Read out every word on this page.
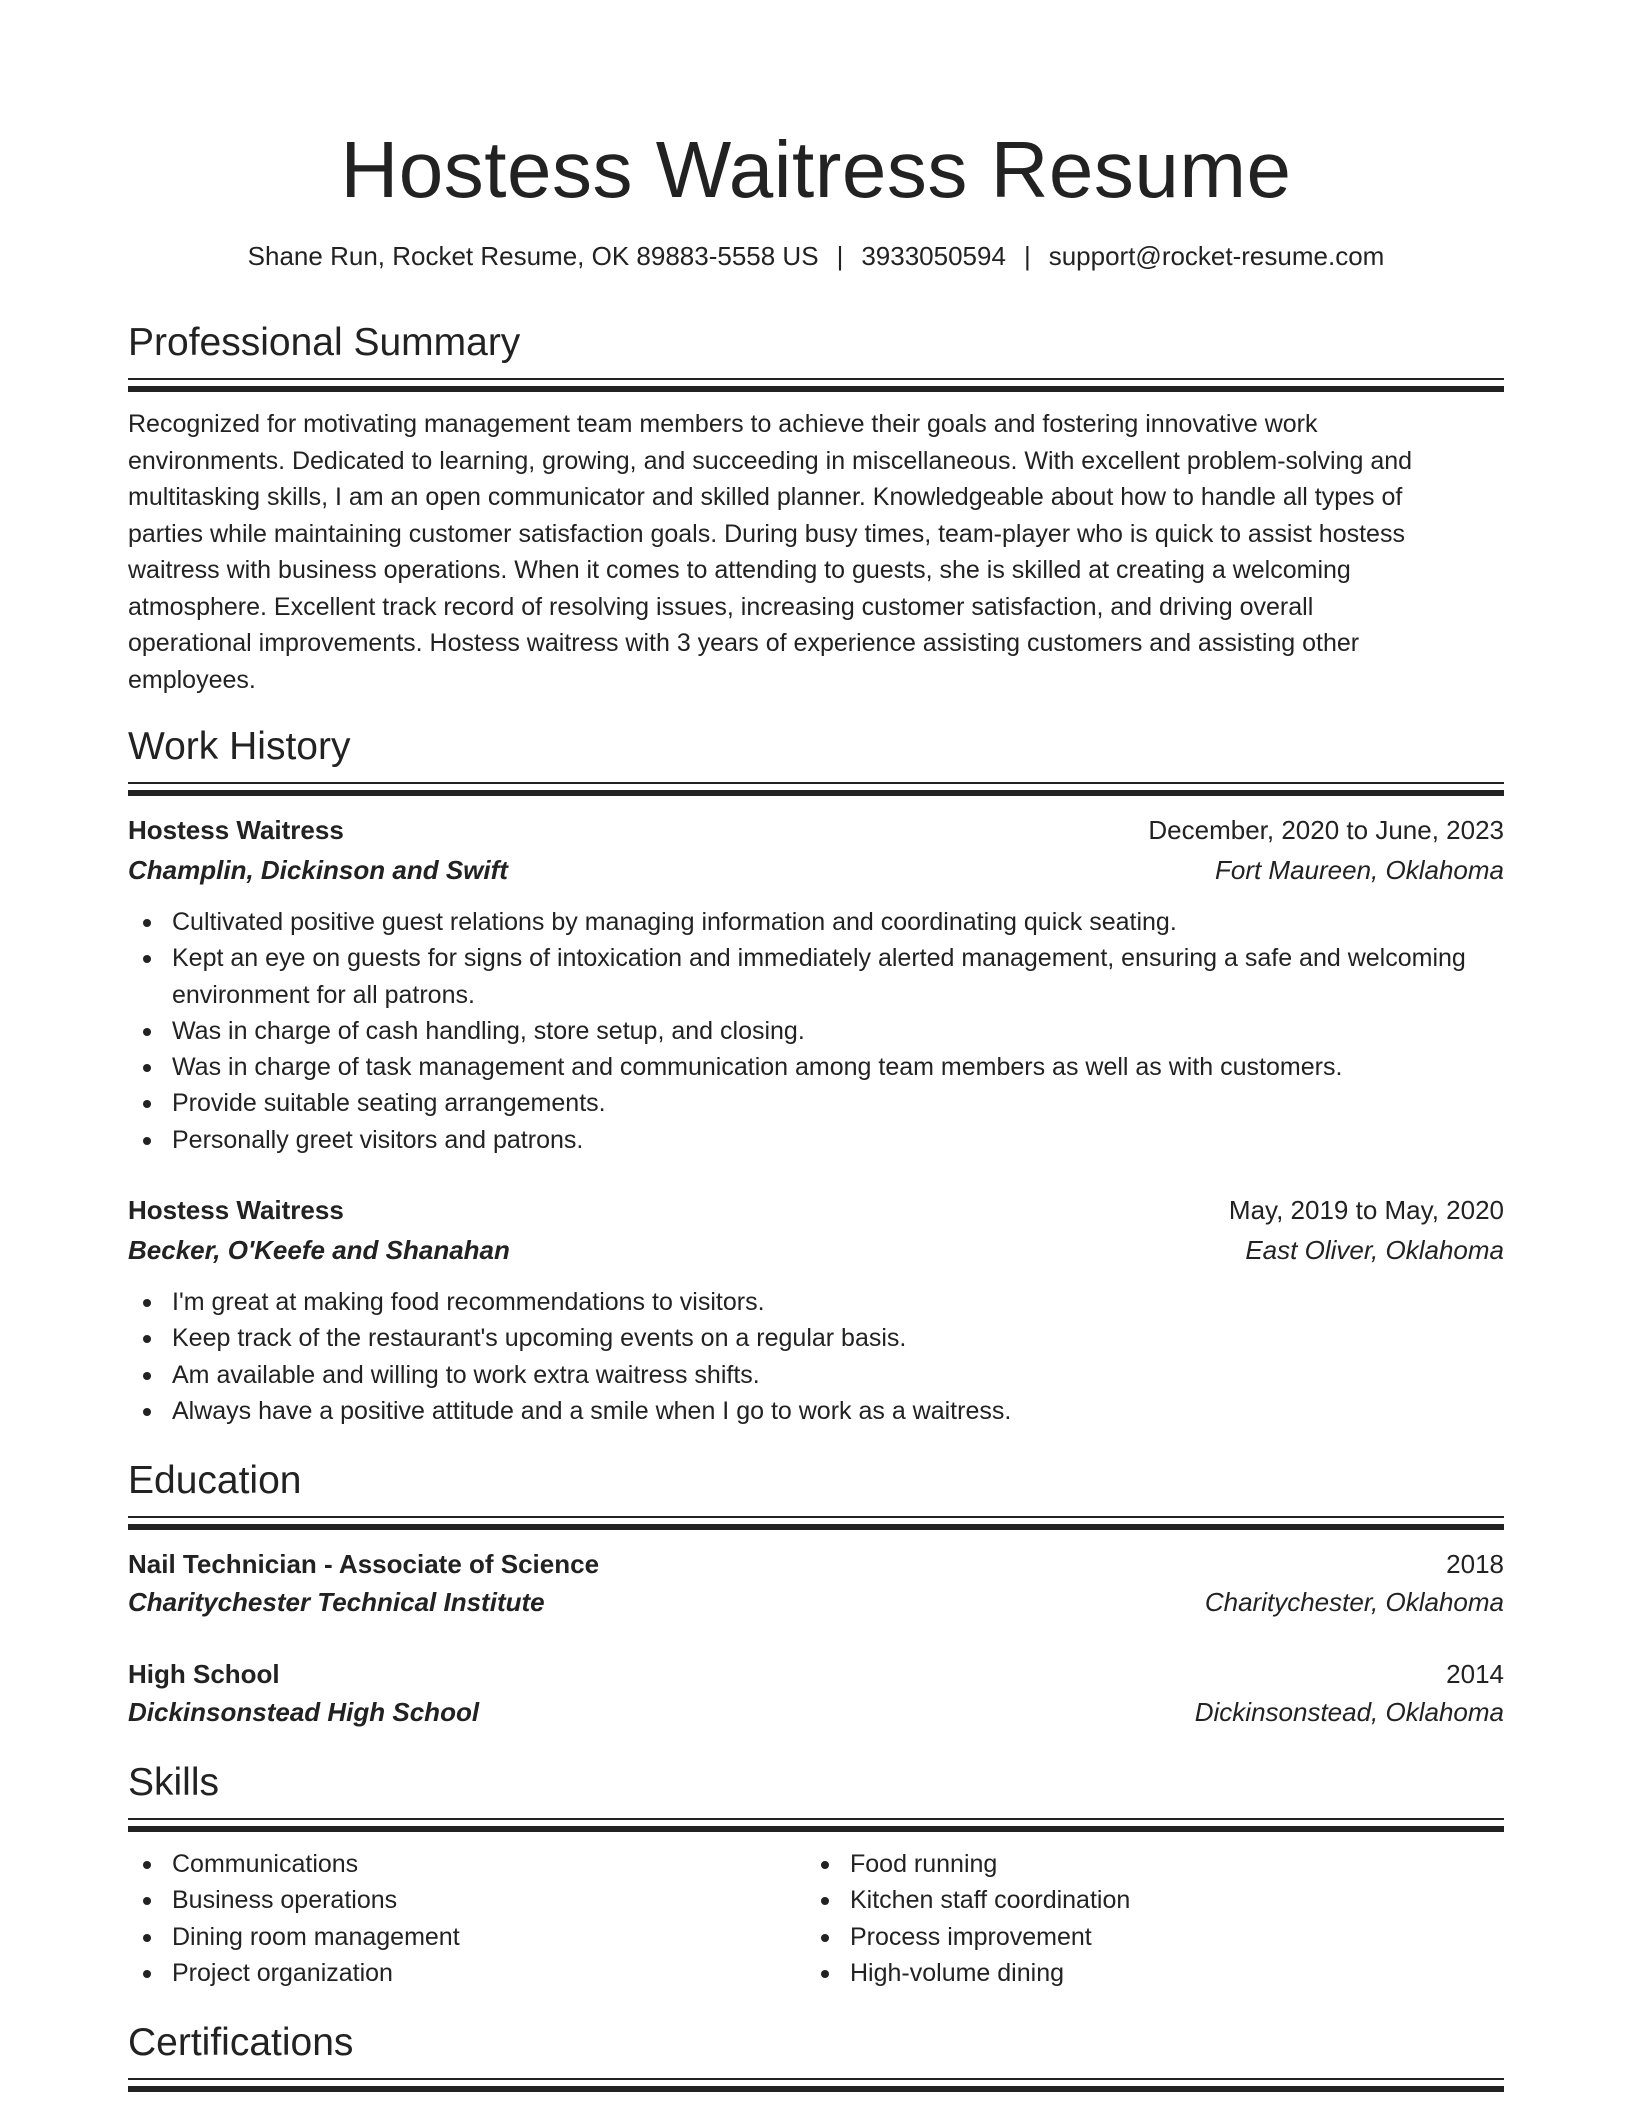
Hostess Waitress Resume
Shane Run, Rocket Resume, OK 89883-5558 US | 3933050594 | support@rocket-resume.com
Professional Summary
Recognized for motivating management team members to achieve their goals and fostering innovative work
environments. Dedicated to learning, growing, and succeeding in miscellaneous. With excellent problem-solving and
multitasking skills, I am an open communicator and skilled planner. Knowledgeable about how to handle all types of
parties while maintaining customer satisfaction goals. During busy times, team-player who is quick to assist hostess
waitress with business operations. When it comes to attending to guests, she is skilled at creating a welcoming
atmosphere. Excellent track record of resolving issues, increasing customer satisfaction, and driving overall
operational improvements. Hostess waitress with 3 years of experience assisting customers and assisting other
employees.
Work History
Hostess Waitress	December, 2020 to June, 2023
Champlin, Dickinson and Swift	Fort Maureen, Oklahoma
Cultivated positive guest relations by managing information and coordinating quick seating.
Kept an eye on guests for signs of intoxication and immediately alerted management, ensuring a safe and welcoming environment for all patrons.
Was in charge of cash handling, store setup, and closing.
Was in charge of task management and communication among team members as well as with customers.
Provide suitable seating arrangements.
Personally greet visitors and patrons.
Hostess Waitress	May, 2019 to May, 2020
Becker, O'Keefe and Shanahan	East Oliver, Oklahoma
I'm great at making food recommendations to visitors.
Keep track of the restaurant's upcoming events on a regular basis.
Am available and willing to work extra waitress shifts.
Always have a positive attitude and a smile when I go to work as a waitress.
Education
Nail Technician - Associate of Science	2018
Charitychester Technical Institute	Charitychester, Oklahoma
High School	2014
Dickinsonstead High School	Dickinsonstead, Oklahoma
Skills
Communications
Business operations
Dining room management
Project organization
Food running
Kitchen staff coordination
Process improvement
High-volume dining
Certifications
